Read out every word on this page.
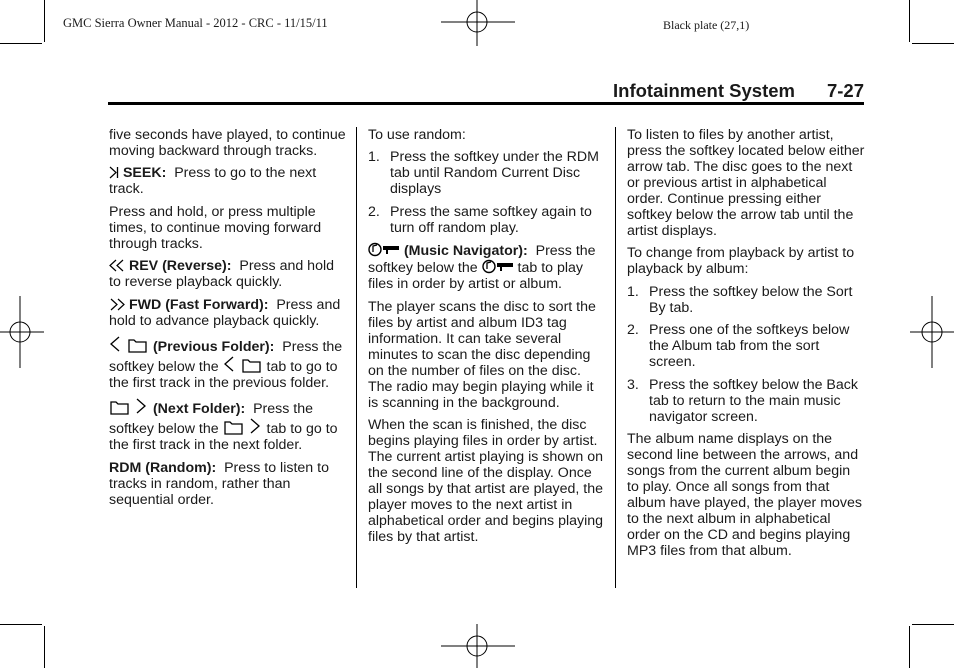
GMC Sierra Owner Manual - 2012 - CRC - 11/15/11	Black plate (27,1)
Infotainment System 7-27

five seconds have played, to continue moving backward through tracks.

SEEK: Press to go to the next track.

Press and hold, or press multiple times, to continue moving forward through tracks.

REV (Reverse): Press and hold to reverse playback quickly.

FWD (Fast Forward): Press and hold to advance playback quickly.

(Previous Folder): Press the softkey below the	tab to go to the first track in the previous folder.

(Next Folder): Press the softkey below the	tab to go to the first track in the next folder.

RDM (Random): Press to listen to tracks in random, rather than sequential order.

To use random:

1. Press the softkey under the RDM tab until Random Current Disc displays
2. Press the same softkey again to turn off random play.

(Music Navigator): Press the softkey below the	tab to play files in order by artist or album.

The player scans the disc to sort the files by artist and album ID3 tag information. It can take several minutes to scan the disc depending on the number of files on the disc. The radio may begin playing while it is scanning in the background.

When the scan is finished, the disc begins playing files in order by artist. The current artist playing is shown on the second line of the display. Once all songs by that artist are played, the player moves to the next artist in alphabetical order and begins playing files by that artist.

To listen to files by another artist, press the softkey located below either arrow tab. The disc goes to the next or previous artist in alphabetical order. Continue pressing either softkey below the arrow tab until the artist displays.

To change from playback by artist to playback by album:

1. Press the softkey below the Sort By tab.
2. Press one of the softkeys below the Album tab from the sort screen.
3. Press the softkey below the Back tab to return to the main music navigator screen.

The album name displays on the second line between the arrows, and songs from the current album begin to play. Once all songs from that album have played, the player moves to the next album in alphabetical order on the CD and begins playing MP3 files from that album.
